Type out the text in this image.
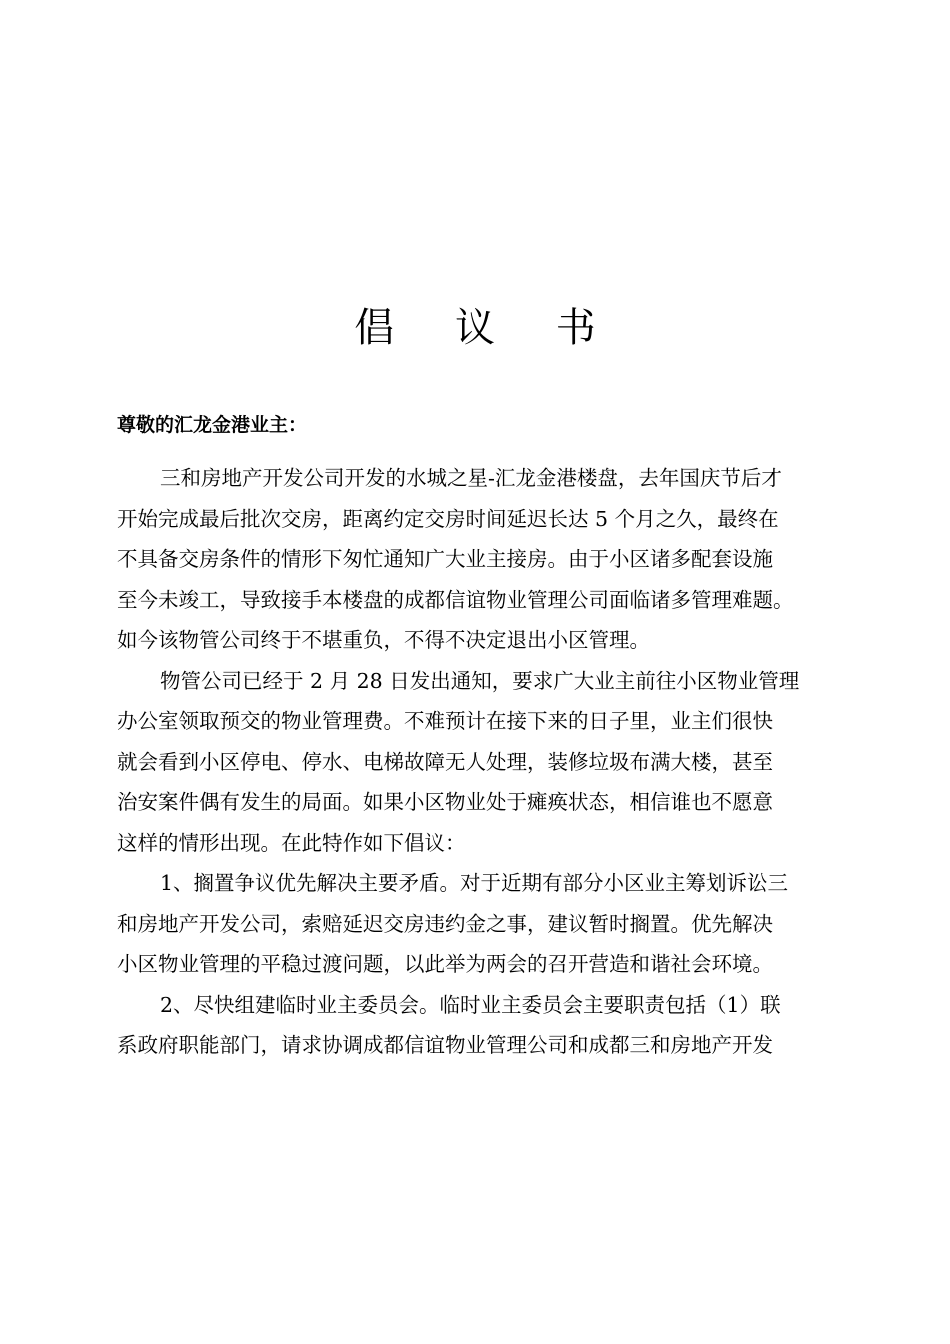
倡 议 书
尊敬的汇龙金港业主：
三和房地产开发公司开发的水城之星-汇龙金港楼盘，去年国庆节后才
开始完成最后批次交房，距离约定交房时间延迟长达 5 个月之久，最终在
不具备交房条件的情形下匆忙通知广大业主接房。由于小区诸多配套设施
至今未竣工，导致接手本楼盘的成都信谊物业管理公司面临诸多管理难题。
如今该物管公司终于不堪重负，不得不决定退出小区管理。
物管公司已经于 2 月 28 日发出通知，要求广大业主前往小区物业管理
办公室领取预交的物业管理费。不难预计在接下来的日子里，业主们很快
就会看到小区停电、停水、电梯故障无人处理，装修垃圾布满大楼，甚至
治安案件偶有发生的局面。如果小区物业处于瘫痪状态，相信谁也不愿意
这样的情形出现。在此特作如下倡议：
1、搁置争议优先解决主要矛盾。对于近期有部分小区业主筹划诉讼三
和房地产开发公司，索赔延迟交房违约金之事，建议暂时搁置。优先解决
小区物业管理的平稳过渡问题，以此举为两会的召开营造和谐社会环境。
2、尽快组建临时业主委员会。临时业主委员会主要职责包括（1）联
系政府职能部门，请求协调成都信谊物业管理公司和成都三和房地产开发
